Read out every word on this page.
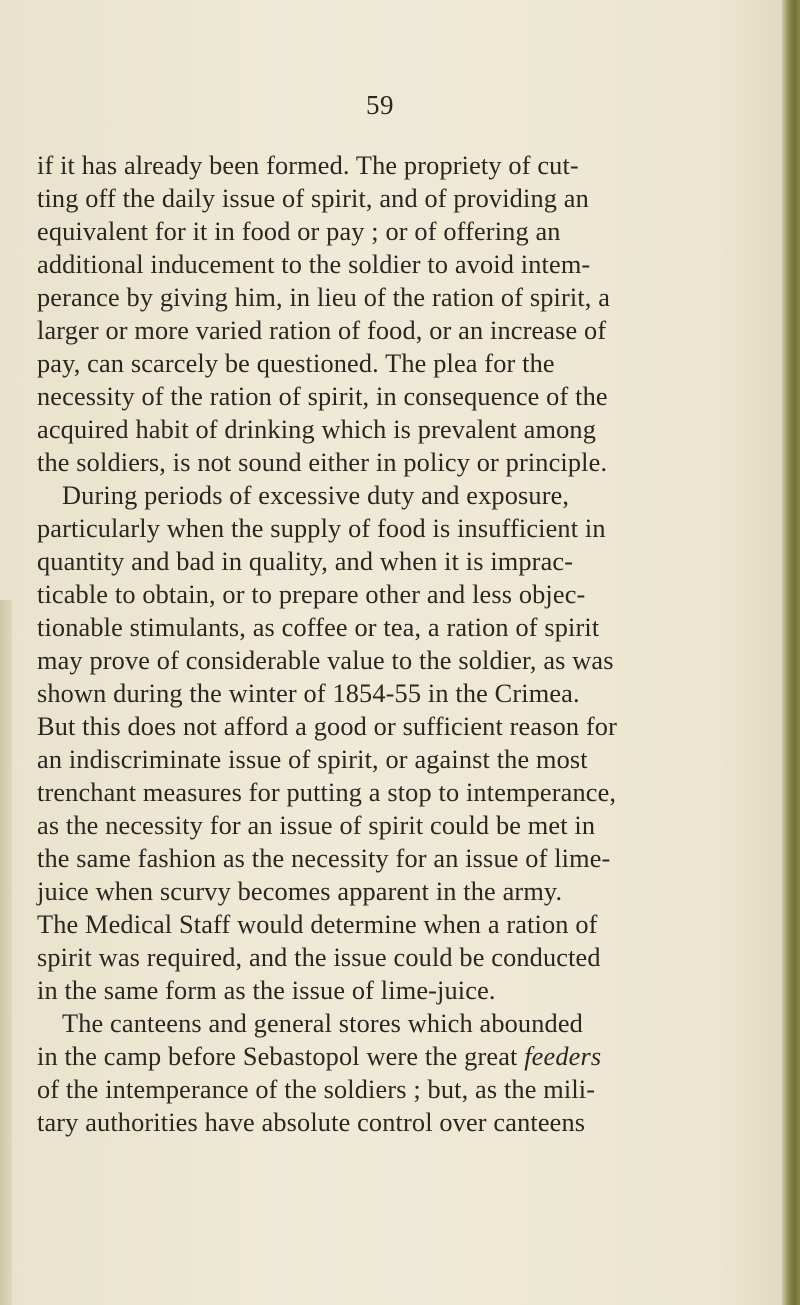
59
if it has already been formed. The propriety of cut-
ting off the daily issue of spirit, and of providing an
equivalent for it in food or pay ; or of offering an
additional inducement to the soldier to avoid intem-
perance by giving him, in lieu of the ration of spirit, a
larger or more varied ration of food, or an increase of
pay, can scarcely be questioned. The plea for the
necessity of the ration of spirit, in consequence of the
acquired habit of drinking which is prevalent among
the soldiers, is not sound either in policy or principle.
During periods of excessive duty and exposure,
particularly when the supply of food is insufficient in
quantity and bad in quality, and when it is imprac-
ticable to obtain, or to prepare other and less objec-
tionable stimulants, as coffee or tea, a ration of spirit
may prove of considerable value to the soldier, as was
shown during the winter of 1854-55 in the Crimea.
But this does not afford a good or sufficient reason for
an indiscriminate issue of spirit, or against the most
trenchant measures for putting a stop to intemperance,
as the necessity for an issue of spirit could be met in
the same fashion as the necessity for an issue of lime-
juice when scurvy becomes apparent in the army.
The Medical Staff would determine when a ration of
spirit was required, and the issue could be conducted
in the same form as the issue of lime-juice.
The canteens and general stores which abounded
in the camp before Sebastopol were the great feeders
of the intemperance of the soldiers ; but, as the mili-
tary authorities have absolute control over canteens
